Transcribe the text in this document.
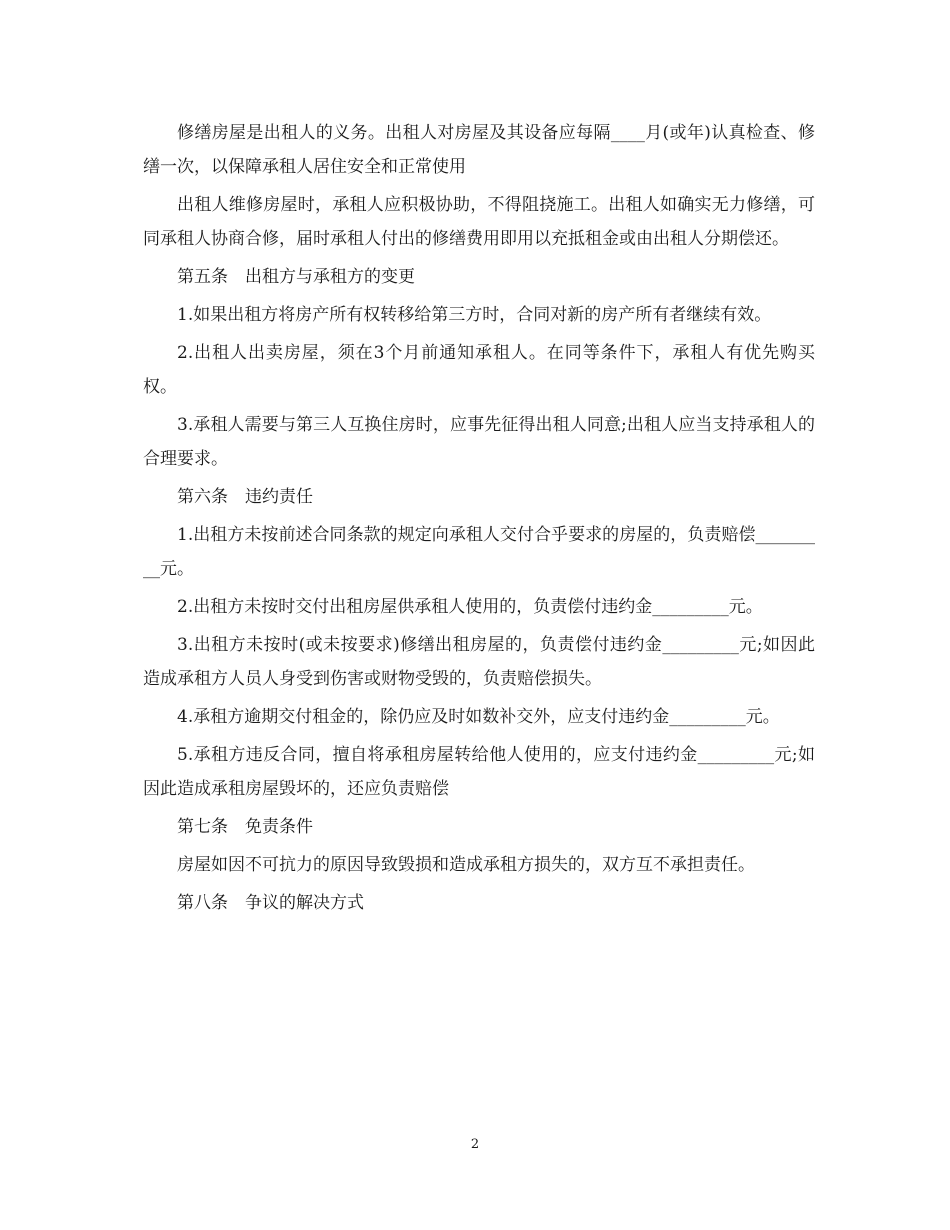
修缮房屋是出租人的义务。出租人对房屋及其设备应每隔____月(或年)认真检查、修缮一次，以保障承租人居住安全和正常使用

出租人维修房屋时，承租人应积极协助，不得阻挠施工。出租人如确实无力修缮，可同承租人协商合修，届时承租人付出的修缮费用即用以充抵租金或由出租人分期偿还。

第五条　出租方与承租方的变更

1.如果出租方将房产所有权转移给第三方时，合同对新的房产所有者继续有效。

2.出租人出卖房屋，须在3个月前通知承租人。在同等条件下，承租人有优先购买权。

3.承租人需要与第三人互换住房时，应事先征得出租人同意;出租人应当支持承租人的合理要求。

第六条　违约责任

1.出租方未按前述合同条款的规定向承租人交付合乎要求的房屋的，负责赔偿_________元。

2.出租方未按时交付出租房屋供承租人使用的，负责偿付违约金_________元。

3.出租方未按时(或未按要求)修缮出租房屋的，负责偿付违约金_________元;如因此造成承租方人员人身受到伤害或财物受毁的，负责赔偿损失。

4.承租方逾期交付租金的，除仍应及时如数补交外，应支付违约金_________元。

5.承租方违反合同，擅自将承租房屋转给他人使用的，应支付违约金_________元;如因此造成承租房屋毁坏的，还应负责赔偿

第七条　免责条件

房屋如因不可抗力的原因导致毁损和造成承租方损失的，双方互不承担责任。

第八条　争议的解决方式

2
